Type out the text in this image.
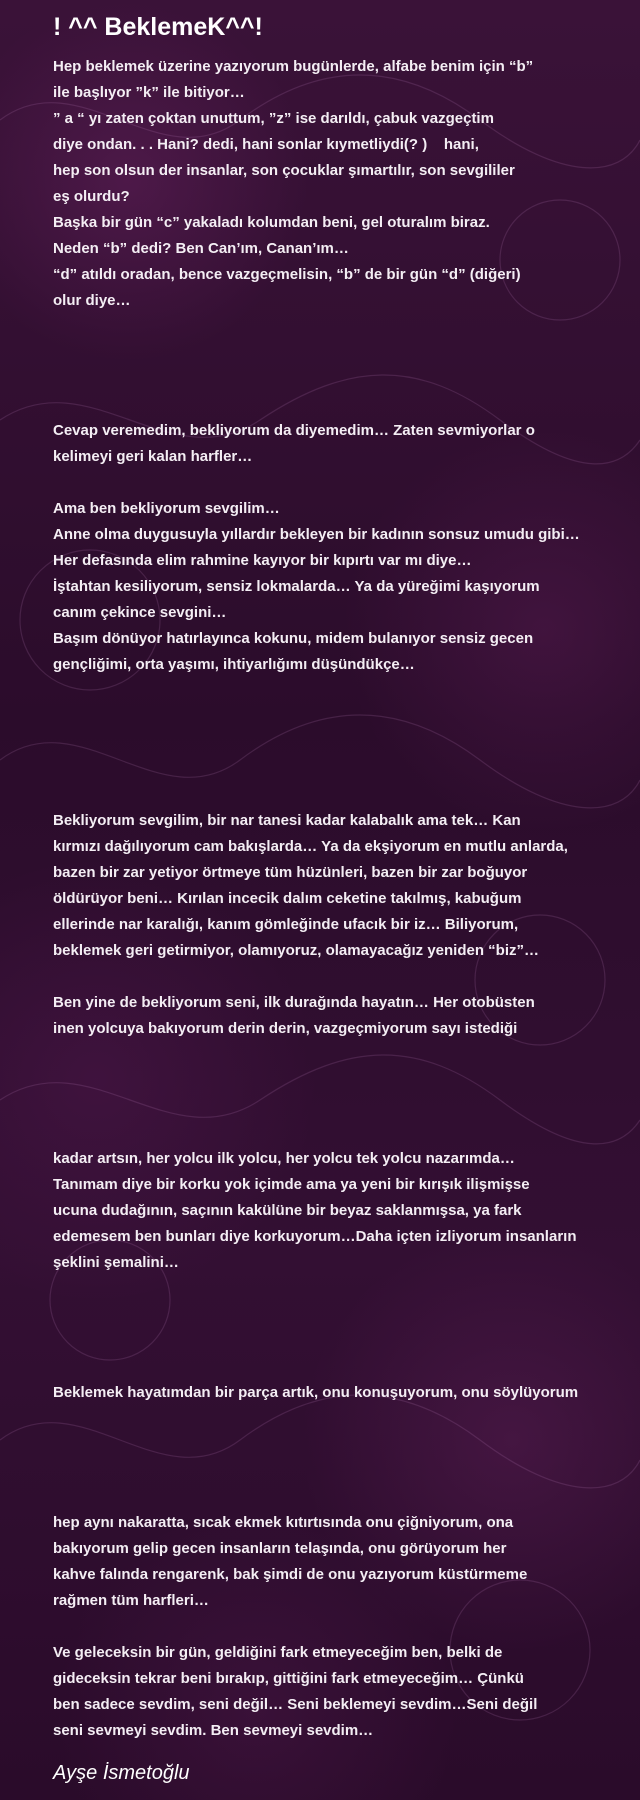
! ^^ BeklemeK^^!
Hep beklemek üzerine yazıyorum bugünlerde, alfabe benim için “b”
ile başlıyor ”k” ile bitiyor…
” a “ yı zaten çoktan unuttum, ”z” ise darıldı, çabuk vazgeçtim
diye ondan. . . Hani? dedi, hani sonlar kıymetliydi(? )    hani,
hep son olsun der insanlar, son çocuklar şımartılır, son sevgililer
eş olurdu?
Başka bir gün “c” yakaladı kolumdan beni, gel oturalım biraz.
Neden “b” dedi? Ben Can’ım, Canan’ım…
“d” atıldı oradan, bence vazgeçmelisin, “b” de bir gün “d” (diğeri)
olur diye…
Cevap veremedim, bekliyorum da diyemedim… Zaten sevmiyorlar o
kelimeyi geri kalan harfler…
Ama ben bekliyorum sevgilim…
Anne olma duygusuyla yıllardır bekleyen bir kadının sonsuz umudu gibi…
Her defasında elim rahmine kayıyor bir kıpırtı var mı diye…
İştahtan kesiliyorum, sensiz lokmalarda… Ya da yüreğimi kaşıyorum
canım çekince sevgini…
Başım dönüyor hatırlayınca kokunu, midem bulanıyor sensiz gecen
gençliğimi, orta yaşımı, ihtiyarlığımı düşündükçe…
Bekliyorum sevgilim, bir nar tanesi kadar kalabalık ama tek… Kan
kırmızı dağılıyorum cam bakışlarda… Ya da ekşiyorum en mutlu anlarda,
bazen bir zar yetiyor örtmeye tüm hüzünleri, bazen bir zar boğuyor
öldürüyor beni… Kırılan incecik dalım ceketine takılmış, kabuğum
ellerinde nar karalığı, kanım gömleğinde ufacık bir iz… Biliyorum,
beklemek geri getirmiyor, olamıyoruz, olamayacağız yeniden “biz”…
Ben yine de bekliyorum seni, ilk durağında hayatın… Her otobüsten
inen yolcuya bakıyorum derin derin, vazgeçmiyorum sayı istediği
kadar artsın, her yolcu ilk yolcu, her yolcu tek yolcu nazarımda…
Tanımam diye bir korku yok içimde ama ya yeni bir kırışık ilişmişse
ucuna dudağının, saçının kakülüne bir beyaz saklanmışsa, ya fark
edemesem ben bunları diye korkuyorum…Daha içten izliyorum insanların
şeklini şemalini…
Beklemek hayatımdan bir parça artık, onu konuşuyorum, onu söylüyorum
hep aynı nakaratta, sıcak ekmek kıtırtısında onu çiğniyorum, ona
bakıyorum gelip gecen insanların telaşında, onu görüyorum her
kahve falında rengarenk, bak şimdi de onu yazıyorum küstürmeme
rağmen tüm harfleri…
Ve geleceksin bir gün, geldiğini fark etmeyeceğim ben, belki de
gideceksin tekrar beni bırakıp, gittiğini fark etmeyeceğim… Çünkü
ben sadece sevdim, seni değil… Seni beklemeyi sevdim…Seni değil
seni sevmeyi sevdim. Ben sevmeyi sevdim…
Ayşe İsmetoğlu
